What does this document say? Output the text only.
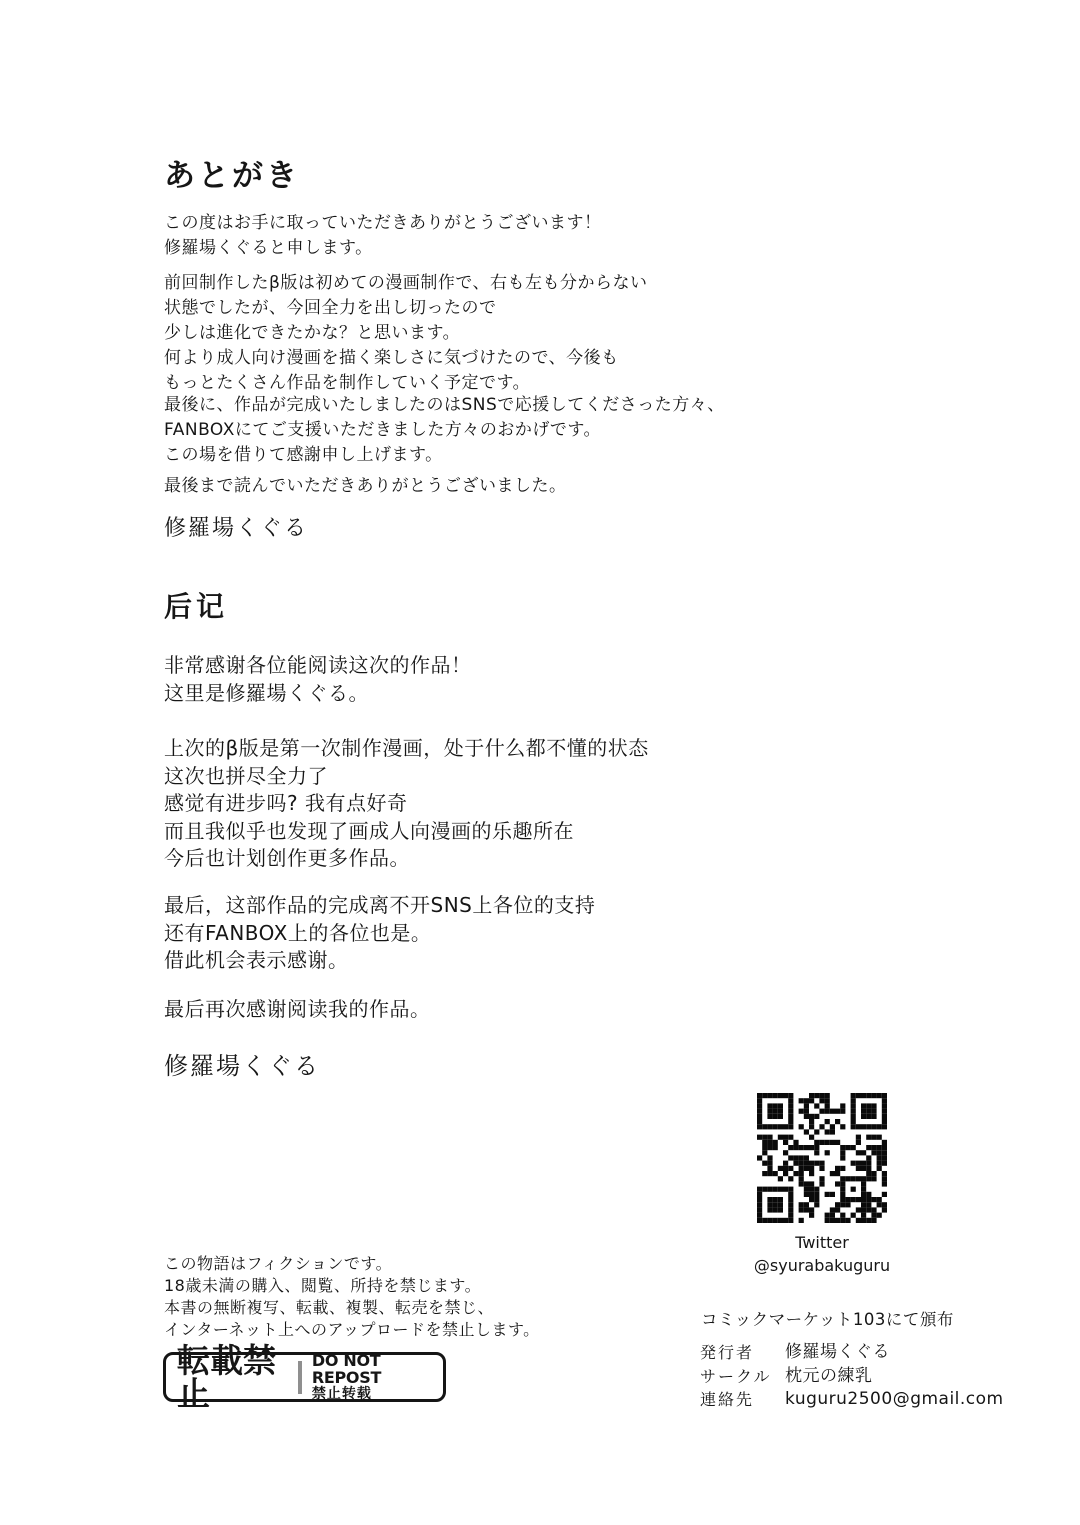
あとがき
この度はお手に取っていただきありがとうございます！
修羅場くぐると申します。
前回制作したβ版は初めての漫画制作で、右も左も分からない
状態でしたが、今回全力を出し切ったので
少しは進化できたかな？と思います。
何より成人向け漫画を描く楽しさに気づけたので、今後も
もっとたくさん作品を制作していく予定です。
最後に、作品が完成いたしましたのはSNSで応援してくださった方々、
FANBOXにてご支援いただきました方々のおかげです。
この場を借りて感謝申し上げます。
最後まで読んでいただきありがとうございました。
修羅場くぐる
后记
非常感谢各位能阅读这次的作品！
这里是修羅場くぐる。
上次的β版是第一次制作漫画，处于什么都不懂的状态
这次也拼尽全力了
感觉有进步吗? 我有点好奇
而且我似乎也发现了画成人向漫画的乐趣所在
今后也计划创作更多作品。
最后，这部作品的完成离不开SNS上各位的支持
还有FANBOX上的各位也是。
借此机会表示感谢。
最后再次感谢阅读我的作品。
修羅場くぐる
Twitter
@syurabakuguru
この物語はフィクションです。
18歳未満の購入、閲覧、所持を禁じます。
本書の無断複写、転載、複製、転売を禁じ、
インターネット上へのアップロードを禁止します。
転載禁止
DO NOT REPOST
禁止转载
コミックマーケット103にて頒布
発行者	修羅場くぐる
サークル 枕元の練乳
連絡先	kuguru2500@gmail.com
